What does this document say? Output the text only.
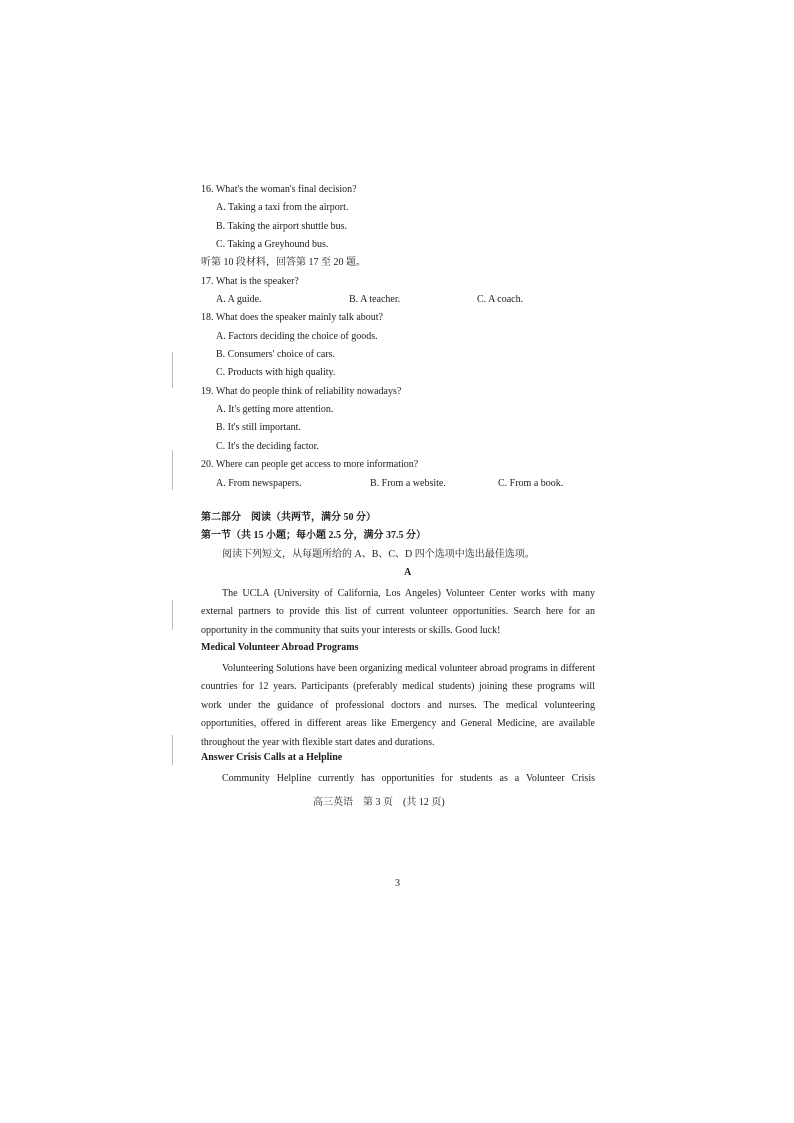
16. What's the woman's final decision?
A. Taking a taxi from the airport.
B. Taking the airport shuttle bus.
C. Taking a Greyhound bus.
听第 10 段材料，回答第 17 至 20 题。
17. What is the speaker?
A. A guide.	B. A teacher.	C. A coach.
18. What does the speaker mainly talk about?
A. Factors deciding the choice of goods.
B. Consumers' choice of cars.
C. Products with high quality.
19. What do people think of reliability nowadays?
A. It's getting more attention.
B. It's still important.
C. It's the deciding factor.
20. Where can people get access to more information?
A. From newspapers.	B. From a website.	C. From a book.
第二部分　阅读（共两节，满分 50 分）
第一节（共 15 小题；每小题 2.5 分，满分 37.5 分）
阅读下列短文，从每题所给的 A、B、C、D 四个选项中选出最佳选项。
A
The UCLA (University of California, Los Angeles) Volunteer Center works with many external partners to provide this list of current volunteer opportunities. Search here for an opportunity in the community that suits your interests or skills. Good luck!
Medical Volunteer Abroad Programs
Volunteering Solutions have been organizing medical volunteer abroad programs in different countries for 12 years. Participants (preferably medical students) joining these programs will work under the guidance of professional doctors and nurses. The medical volunteering opportunities, offered in different areas like Emergency and General Medicine, are available throughout the year with flexible start dates and durations.
Answer Crisis Calls at a Helpline
Community Helpline currently has opportunities for students as a Volunteer Crisis
高三英语　第 3 页　(共 12 页)
3
